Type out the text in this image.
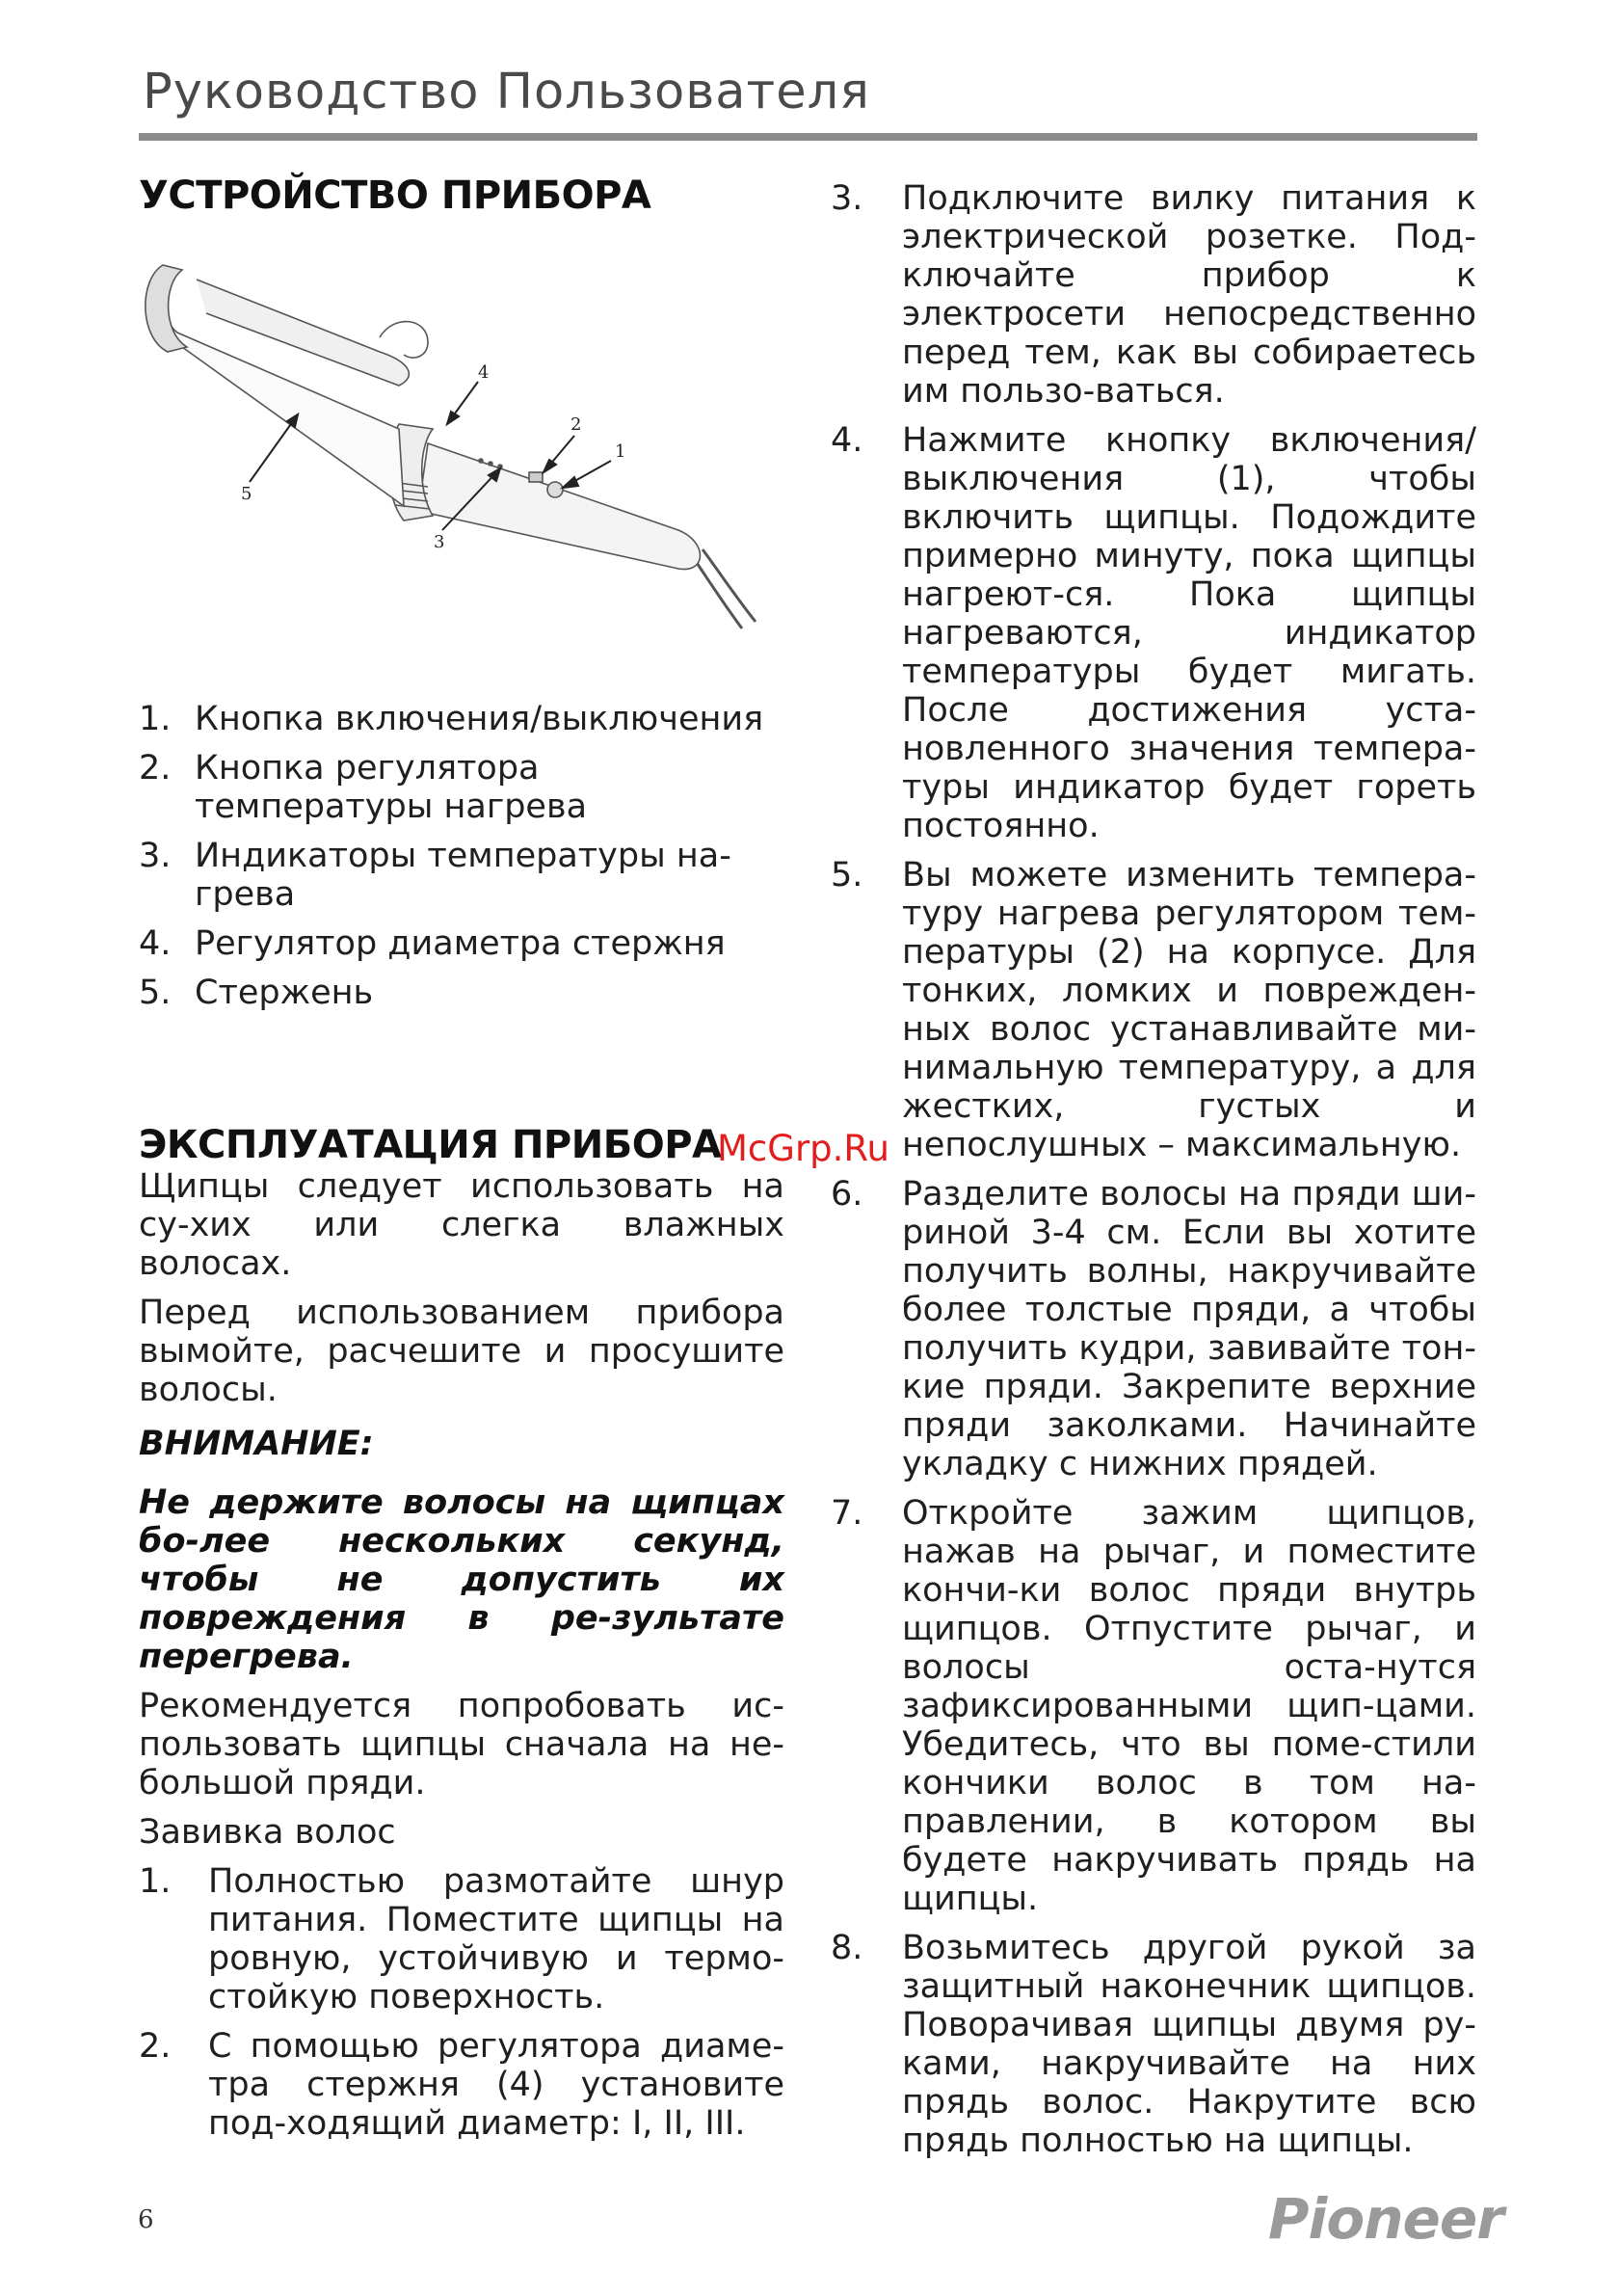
Руководство Пользователя
УСТРОЙСТВО ПРИБОРА
1
2
3
4
5
1. Кнопка включения/выключения
2. Кнопка регулятора температуры нагрева
3. Индикаторы температуры на-грева
4. Регулятор диаметра стержня
5. Стержень
ЭКСПЛУАТАЦИЯ ПРИБОРА

Щипцы следует использовать на су-хих или слегка влажных волосах.

Перед использованием прибора вымойте, расчешите и просушите волосы.

ВНИМАНИЕ:

Не держите волосы на щипцах бо-лее нескольких секунд, чтобы не допустить их повреждения в ре-зультате перегрева.

Рекомендуется попробовать ис-пользовать щипцы сначала на не-большой пряди.

Завивка волос

1.	Полностью размотайте шнур питания. Поместите щипцы на ровную, устойчивую и термо-стойкую поверхность.
2.	С помощью регулятора диаме-тра стержня (4) установите под-ходящий диаметр: I, II, III.
3.	Подключите вилку питания к электрической розетке. Под-ключайте прибор к электросети непосредственно перед тем, как вы собираетесь им пользо-ваться.
4.	Нажмите кнопку включения/выключения (1), чтобы включить щипцы. Подождите примерно минуту, пока щипцы нагреют-ся. Пока щипцы нагреваются, индикатор температуры будет мигать. После достижения уста-новленного значения темпера-туры индикатор будет гореть постоянно.
5.	Вы можете изменить темпера-туру нагрева регулятором тем-пературы (2) на корпусе. Для тонких, ломких и поврежден-ных волос устанавливайте ми-нимальную температуру, а для жестких, густых и непослушных – максимальную.
6.	Разделите волосы на пряди ши-риной 3-4 см. Если вы хотите получить волны, накручивайте более толстые пряди, а чтобы получить кудри, завивайте тон-кие пряди. Закрепите верхние пряди заколками. Начинайте укладку с нижних прядей.
7.	Откройте зажим щипцов, нажав на рычаг, и поместите кончи-ки волос пряди внутрь щипцов. Отпустите рычаг, и волосы оста-нутся зафиксированными щип-цами. Убедитесь, что вы поме-стили кончики волос в том на-правлении, в котором вы будете накручивать прядь на щипцы.
8.	Возьмитесь другой рукой за защитный наконечник щипцов. Поворачивая щипцы двумя ру-ками, накручивайте на них прядь волос. Накрутите всю прядь полностью на щипцы.
McGrp.Ru
6	Pioneer
